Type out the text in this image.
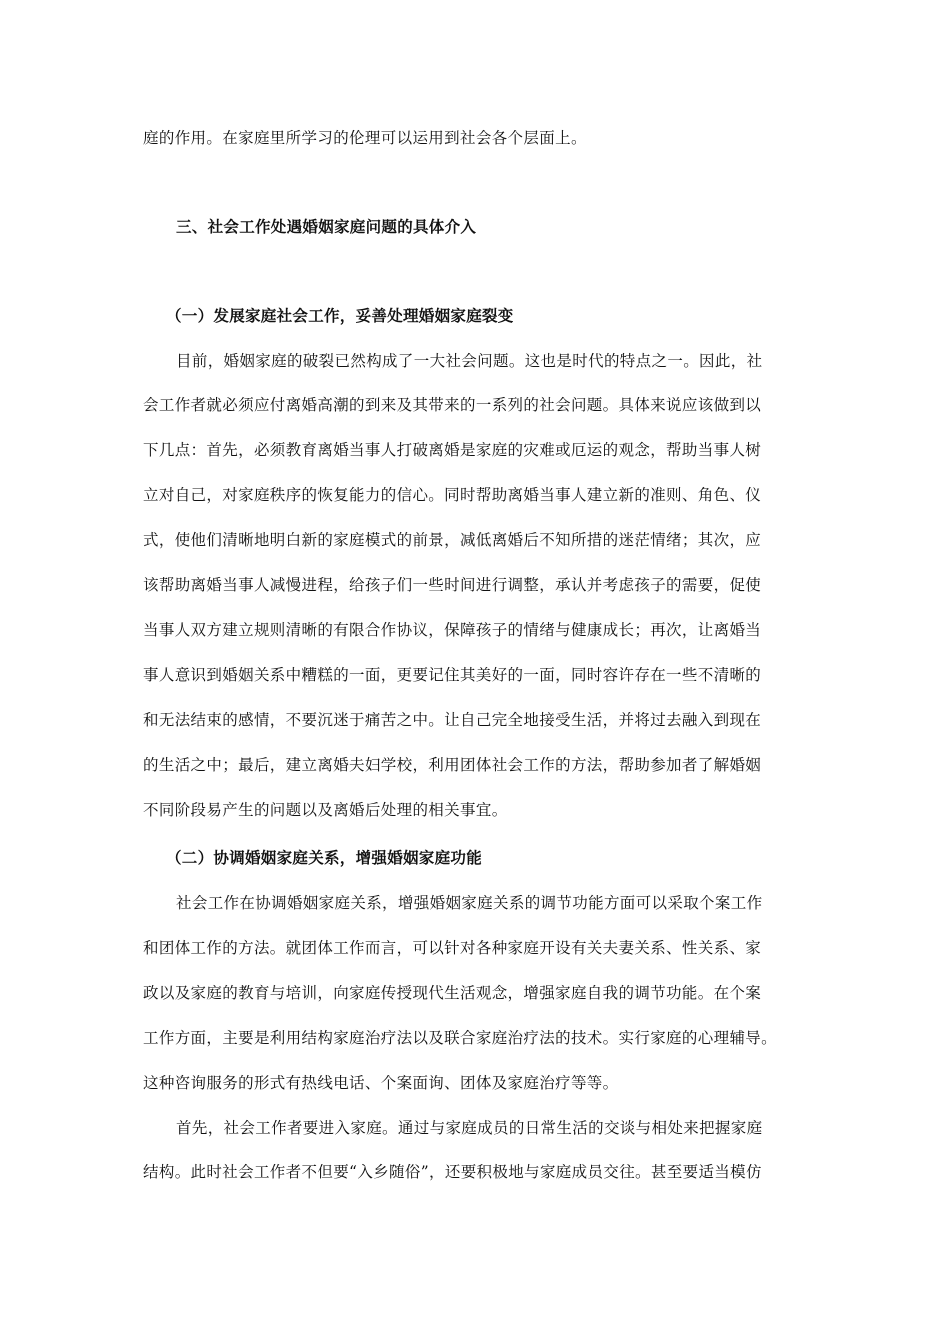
庭的作用。在家庭里所学习的伦理可以运用到社会各个层面上。
三、社会工作处遇婚姻家庭问题的具体介入
（一）发展家庭社会工作，妥善处理婚姻家庭裂变
目前，婚姻家庭的破裂已然构成了一大社会问题。这也是时代的特点之一。因此，社
会工作者就必须应付离婚高潮的到来及其带来的一系列的社会问题。具体来说应该做到以
下几点：首先，必须教育离婚当事人打破离婚是家庭的灾难或厄运的观念，帮助当事人树
立对自己，对家庭秩序的恢复能力的信心。同时帮助离婚当事人建立新的准则、角色、仪
式，使他们清晰地明白新的家庭模式的前景，减低离婚后不知所措的迷茫情绪；其次，应
该帮助离婚当事人减慢进程，给孩子们一些时间进行调整，承认并考虑孩子的需要，促使
当事人双方建立规则清晰的有限合作协议，保障孩子的情绪与健康成长；再次，让离婚当
事人意识到婚姻关系中糟糕的一面，更要记住其美好的一面，同时容许存在一些不清晰的
和无法结束的感情，不要沉迷于痛苦之中。让自己完全地接受生活，并将过去融入到现在
的生活之中；最后，建立离婚夫妇学校，利用团体社会工作的方法，帮助参加者了解婚姻
不同阶段易产生的问题以及离婚后处理的相关事宜。
（二）协调婚姻家庭关系，增强婚姻家庭功能
社会工作在协调婚姻家庭关系，增强婚姻家庭关系的调节功能方面可以采取个案工作
和团体工作的方法。就团体工作而言，可以针对各种家庭开设有关夫妻关系、性关系、家
政以及家庭的教育与培训，向家庭传授现代生活观念，增强家庭自我的调节功能。在个案
工作方面，主要是利用结构家庭治疗法以及联合家庭治疗法的技术。实行家庭的心理辅导。
这种咨询服务的形式有热线电话、个案面询、团体及家庭治疗等等。
首先，社会工作者要进入家庭。通过与家庭成员的日常生活的交谈与相处来把握家庭
结构。此时社会工作者不但要“入乡随俗”，还要积极地与家庭成员交往。甚至要适当模仿
